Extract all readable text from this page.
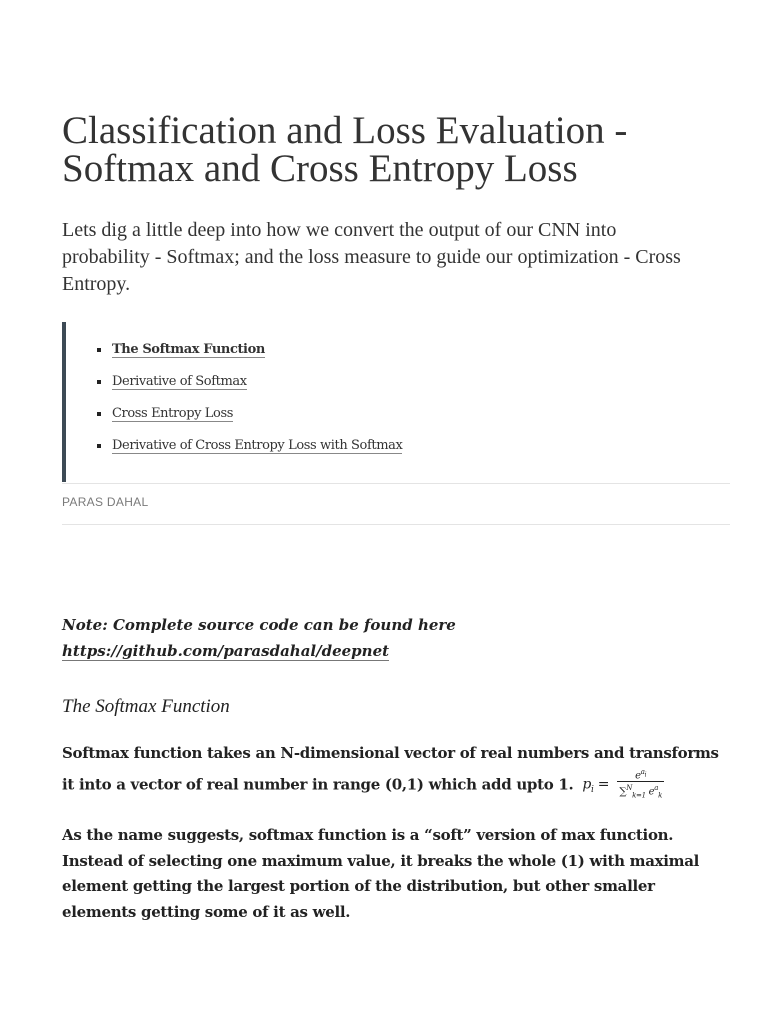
Classification and Loss Evaluation - Softmax and Cross Entropy Loss

Lets dig a little deep into how we convert the output of our CNN into probability - Softmax; and the loss measure to guide our optimization - Cross Entropy.

The Softmax Function
Derivative of Softmax
Cross Entropy Loss
Derivative of Cross Entropy Loss with Softmax
PARAS DAHAL
Note: Complete source code can be found here
https://github.com/parasdahal/deepnet
The Softmax Function

Softmax function takes an N-dimensional vector of real numbers and transforms it into a vector of real number in range (0,1) which add upto 1. $p_i = \frac{e^{a_i}}{\sum^N_{k=1} e^a_k}$

As the name suggests, softmax function is a “soft” version of max function. Instead of selecting one maximum value, it breaks the whole (1) with maximal element getting the largest portion of the distribution, but other smaller elements getting some of it as well.
